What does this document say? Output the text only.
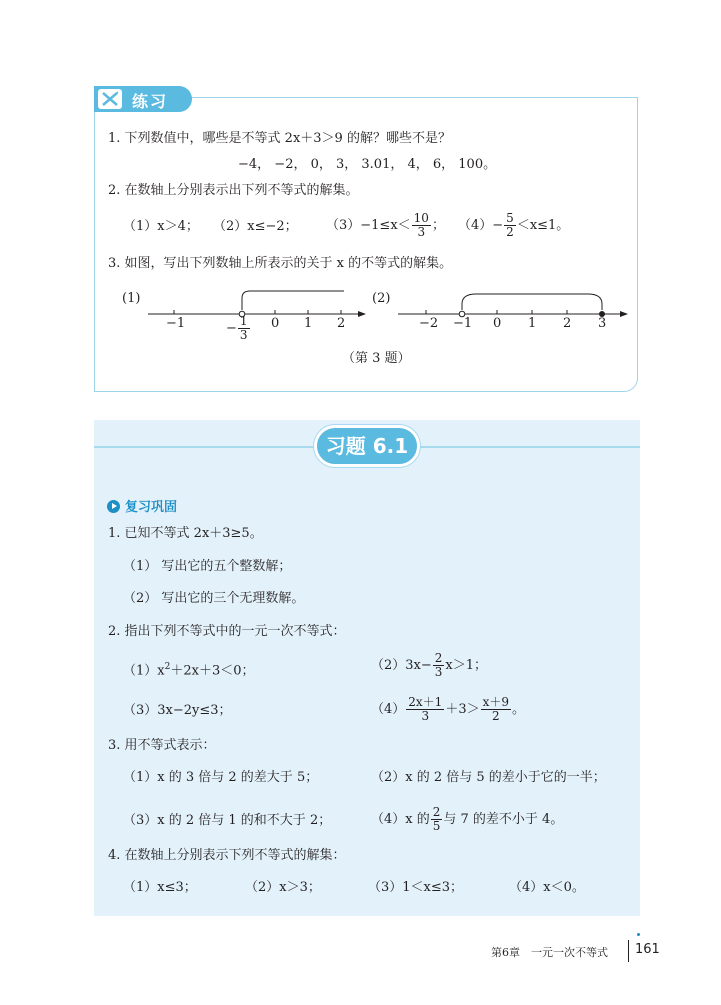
练习
1. 下列数值中，哪些是不等式 2x＋3＞9 的解？哪些不是？
−4， −2， 0， 3， 3.01， 4， 6， 100。
2. 在数轴上分别表示出下列不等式的解集。
（1）x＞4； （2）x≤−2； $(3)-1\le x< \frac{10}{3}$ ； $(4)- \frac{5}{2} <x\le 1$。
3. 如图，写出下列数轴上所表示的关于 x 的不等式的解集。
(1)
−1	0 1 2
− $\frac{1}{3}$
(2)
−2 −1 0 1 2 3
（第 3 题）
习题 6.1
复习巩固
1. 已知不等式 2x＋3≥5。
（1） 写出它的五个整数解；
（2） 写出它的三个无理数解。
2. 指出下列不等式中的一元一次不等式：
$(1)x^2+2x+3<0$；	$(2)3x- \frac{2}{3} x>1$；
（3）3x−2y≤3；	$(4) \frac{2x+1}{3} +3> \frac{x+9}{2}$ 。
3. 用不等式表示：
（1）x 的 3 倍与 2 的差大于 5；	（2）x 的 2 倍与 5 的差小于它的一半；
（3）x 的 2 倍与 1 的和不大于 2；	（4）x 的 $\frac{2}{5}$ 与 7 的差不小于 4。
4. 在数轴上分别表示下列不等式的解集：
（1）x≤3；	（2）x＞3；	（3）1＜x≤3；	（4）x＜0。
第6章　一元一次不等式 161
